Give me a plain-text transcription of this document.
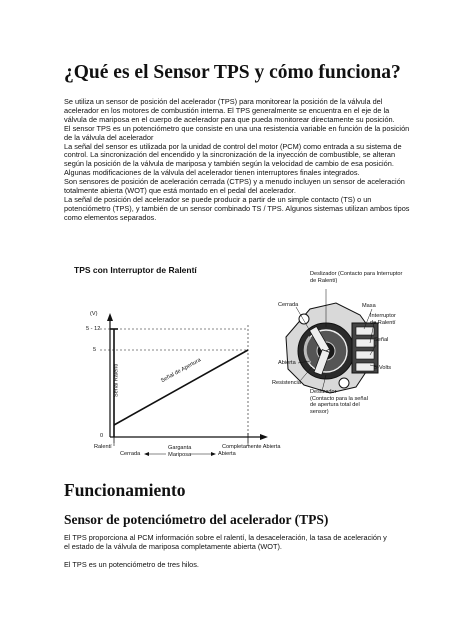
¿Qué es el Sensor TPS y cómo funciona?

Se utiliza un sensor de posición del acelerador (TPS) para monitorear la posición de la válvula del acelerador en los motores de combustión interna. El TPS generalmente se encuentra en el eje de la válvula de mariposa en el cuerpo de acelerador para que pueda monitorear directamente su posición.

El sensor TPS es un potenciómetro que consiste en una una resistencia variable en función de la posición de la válvula del acelerador

La señal del sensor es utilizada por la unidad de control del motor (PCM) como entrada a su sistema de control. La sincronización del encendido y la sincronización de la inyección de combustible, se alteran según la posición de la válvula de mariposa y también según la velocidad de cambio de esa posición.

Algunas modificaciones de la válvula del acelerador tienen interruptores finales integrados.

Son sensores de posición de aceleración cerrada (CTPS) y a menudo incluyen un sensor de aceleración totalmente abierta (WOT) que está montado en el pedal del acelerador.

La señal de posición del acelerador se puede producir a partir de un simple contacto (TS) o un potenciómetro (TPS), y también de un sensor combinado TS / TPS. Algunos sistemas utilizan ambos tipos como elementos separados.

TPS con Interruptor de Ralentí
(V)
5 - 12
5
0
Señal Ralentí	Señal de Apertura
Ralentí
Cerrada
Garganta
Mariposa
Completamente Abierta
Abierta
Deslizador (Contacto para Interruptor
de Ralentí)
Cerrada	Masa
Interruptor
de Ralentí
Señal
5-Volts
Abierta
Resistencia
Deslizador
(Contacto para la señal
de apertura total del
sensor)
Funcionamiento
Sensor de potenciómetro del acelerador (TPS)

El TPS proporciona al PCM información sobre el ralentí, la desaceleración, la tasa de aceleración y el estado de la válvula de mariposa completamente abierta (WOT).

El TPS es un potenciómetro de tres hilos.
